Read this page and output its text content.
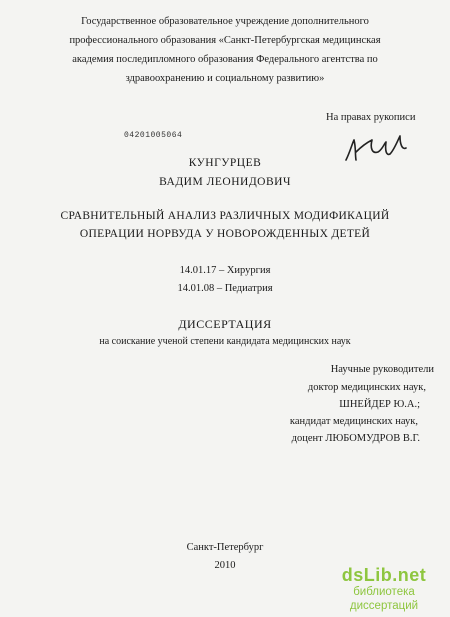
Государственное образовательное учреждение дополнительного
профессионального образования «Санкт-Петербургская медицинская
академия последипломного образования Федерального агентства по
здравоохранению и социальному развитию»
На правах рукописи
04201005064
КУНГУРЦЕВ
ВАДИМ ЛЕОНИДОВИЧ
СРАВНИТЕЛЬНЫЙ АНАЛИЗ РАЗЛИЧНЫХ МОДИФИКАЦИЙ
ОПЕРАЦИИ НОРВУДА У НОВОРОЖДЕННЫХ ДЕТЕЙ
14.01.17 – Хирургия
14.01.08 – Педиатрия
ДИССЕРТАЦИЯ
на соискание ученой степени кандидата медицинских наук
Научные руководители
доктор медицинских наук,
ШНЕЙДЕР Ю.А.;
кандидат медицинских наук,
доцент ЛЮБОМУДРОВ В.Г.
Санкт-Петербург
2010	dsLib.net
библиотека диссертаций
